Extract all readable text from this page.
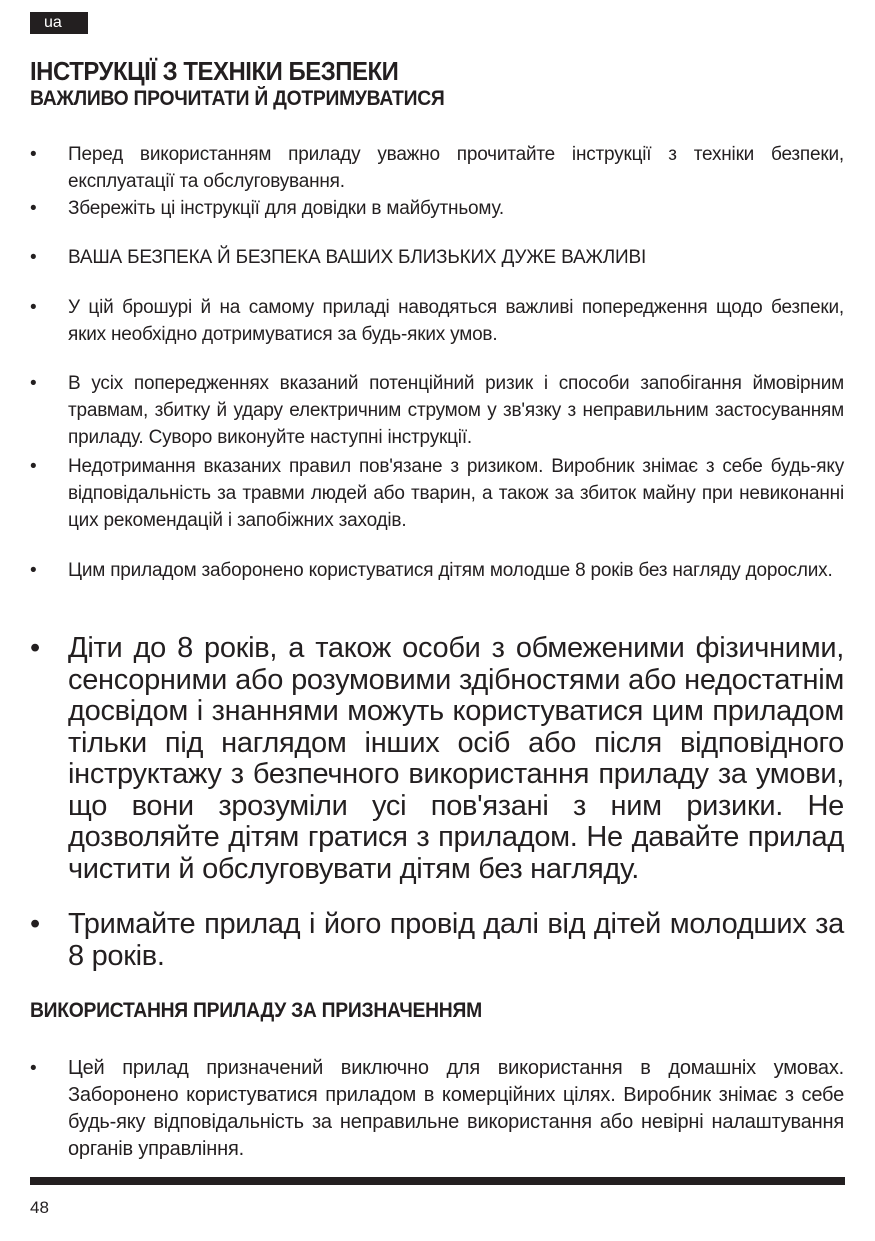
ua
ІНСТРУКЦІЇ З ТЕХНІКИ БЕЗПЕКИ
ВАЖЛИВО ПРОЧИТАТИ Й ДОТРИМУВАТИСЯ
• Перед використанням приладу уважно прочитайте інструкції з техніки безпеки, експлуатації та обслуговування.

• Збережіть ці інструкції для довідки в майбутньому.

• ВАША БЕЗПЕКА Й БЕЗПЕКА ВАШИХ БЛИЗЬКИХ ДУЖЕ ВАЖЛИВІ

• У цій брошурі й на самому приладі наводяться важливі попередження щодо безпеки, яких необхідно дотримуватися за будь-яких умов.

• В усіх попередженнях вказаний потенційний ризик і способи запобігання ймовірним травмам, збитку й удару електричним струмом у зв'язку з неправильним застосуванням приладу. Суворо виконуйте наступні інструкції.

• Недотримання вказаних правил пов'язане з ризиком. Виробник знімає з себе будь-яку відповідальність за травми людей або тварин, а також за збиток майну при невиконанні цих рекомендацій і запобіжних заходів.

• Цим приладом заборонено користуватися дітям молодше 8 років без нагляду дорослих.

• Діти до 8 років, а також особи з обмеженими фізичними, сенсорними або розумовими здібностями або недостатнім досвідом і знаннями можуть користуватися цим приладом тільки під наглядом інших осіб або після відповідного інструктажу з безпечного використання приладу за умови, що вони зрозуміли усі пов'язані з ним ризики. Не дозволяйте дітям гратися з приладом. Не давайте прилад чистити й обслуговувати дітям без нагляду.

• Тримайте прилад і його провід далі від дітей молодших за 8 років.

ВИКОРИСТАННЯ ПРИЛАДУ ЗА ПРИЗНАЧЕННЯМ
• Цей прилад призначений виключно для використання в домашніх умовах. Заборонено користуватися приладом в комерційних цілях. Виробник знімає з себе будь-яку відповідальність за неправильне використання або невірні налаштування органів управління.

48
